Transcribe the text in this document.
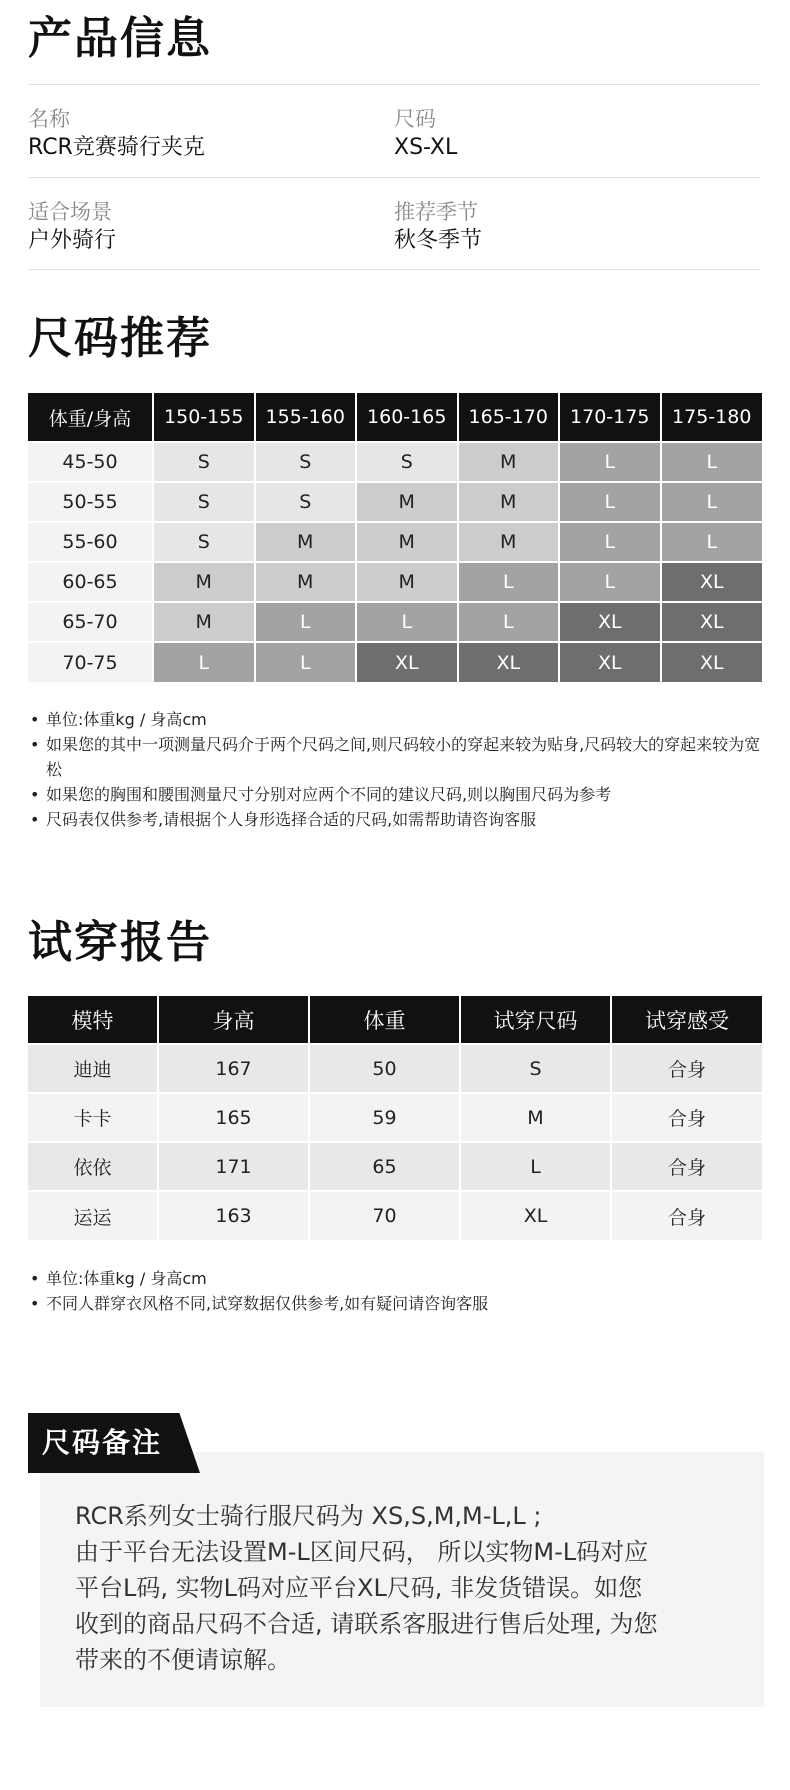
产品信息
名称
RCR竞赛骑行夹克
尺码
XS-XL
适合场景
户外骑行
推荐季节
秋冬季节
尺码推荐
体重/身高	150-155	155-160	160-165	165-170	170-175	175-180
45-50	S	S	S	M	L	L
50-55	S	S	M	M	L	L
55-60	S	M	M	M	L	L
60-65	M	M	M	L	L	XL
65-70	M	L	L	L	XL	XL
70-75	L	L	XL	XL	XL	XL
• 单位:体重kg / 身高cm
• 如果您的其中一项测量尺码介于两个尺码之间,则尺码较小的穿起来较为贴身,尺码较大的穿起来较为宽松
• 如果您的胸围和腰围测量尺寸分别对应两个不同的建议尺码,则以胸围尺码为参考
• 尺码表仅供参考,请根据个人身形选择合适的尺码,如需帮助请咨询客服
试穿报告
模特	身高	体重	试穿尺码	试穿感受
迪迪	167	50	S	合身
卡卡	165	59	M	合身
依依	171	65	L	合身
运运	163	70	XL	合身
• 单位:体重kg / 身高cm
• 不同人群穿衣风格不同,试穿数据仅供参考,如有疑问请咨询客服
尺码备注
RCR系列女士骑行服尺码为 XS,S,M,M-L,L ;
由于平台无法设置M-L区间尺码， 所以实物M-L码对应
平台L码, 实物L码对应平台XL尺码, 非发货错误。如您
收到的商品尺码不合适, 请联系客服进行售后处理, 为您
带来的不便请谅解。
